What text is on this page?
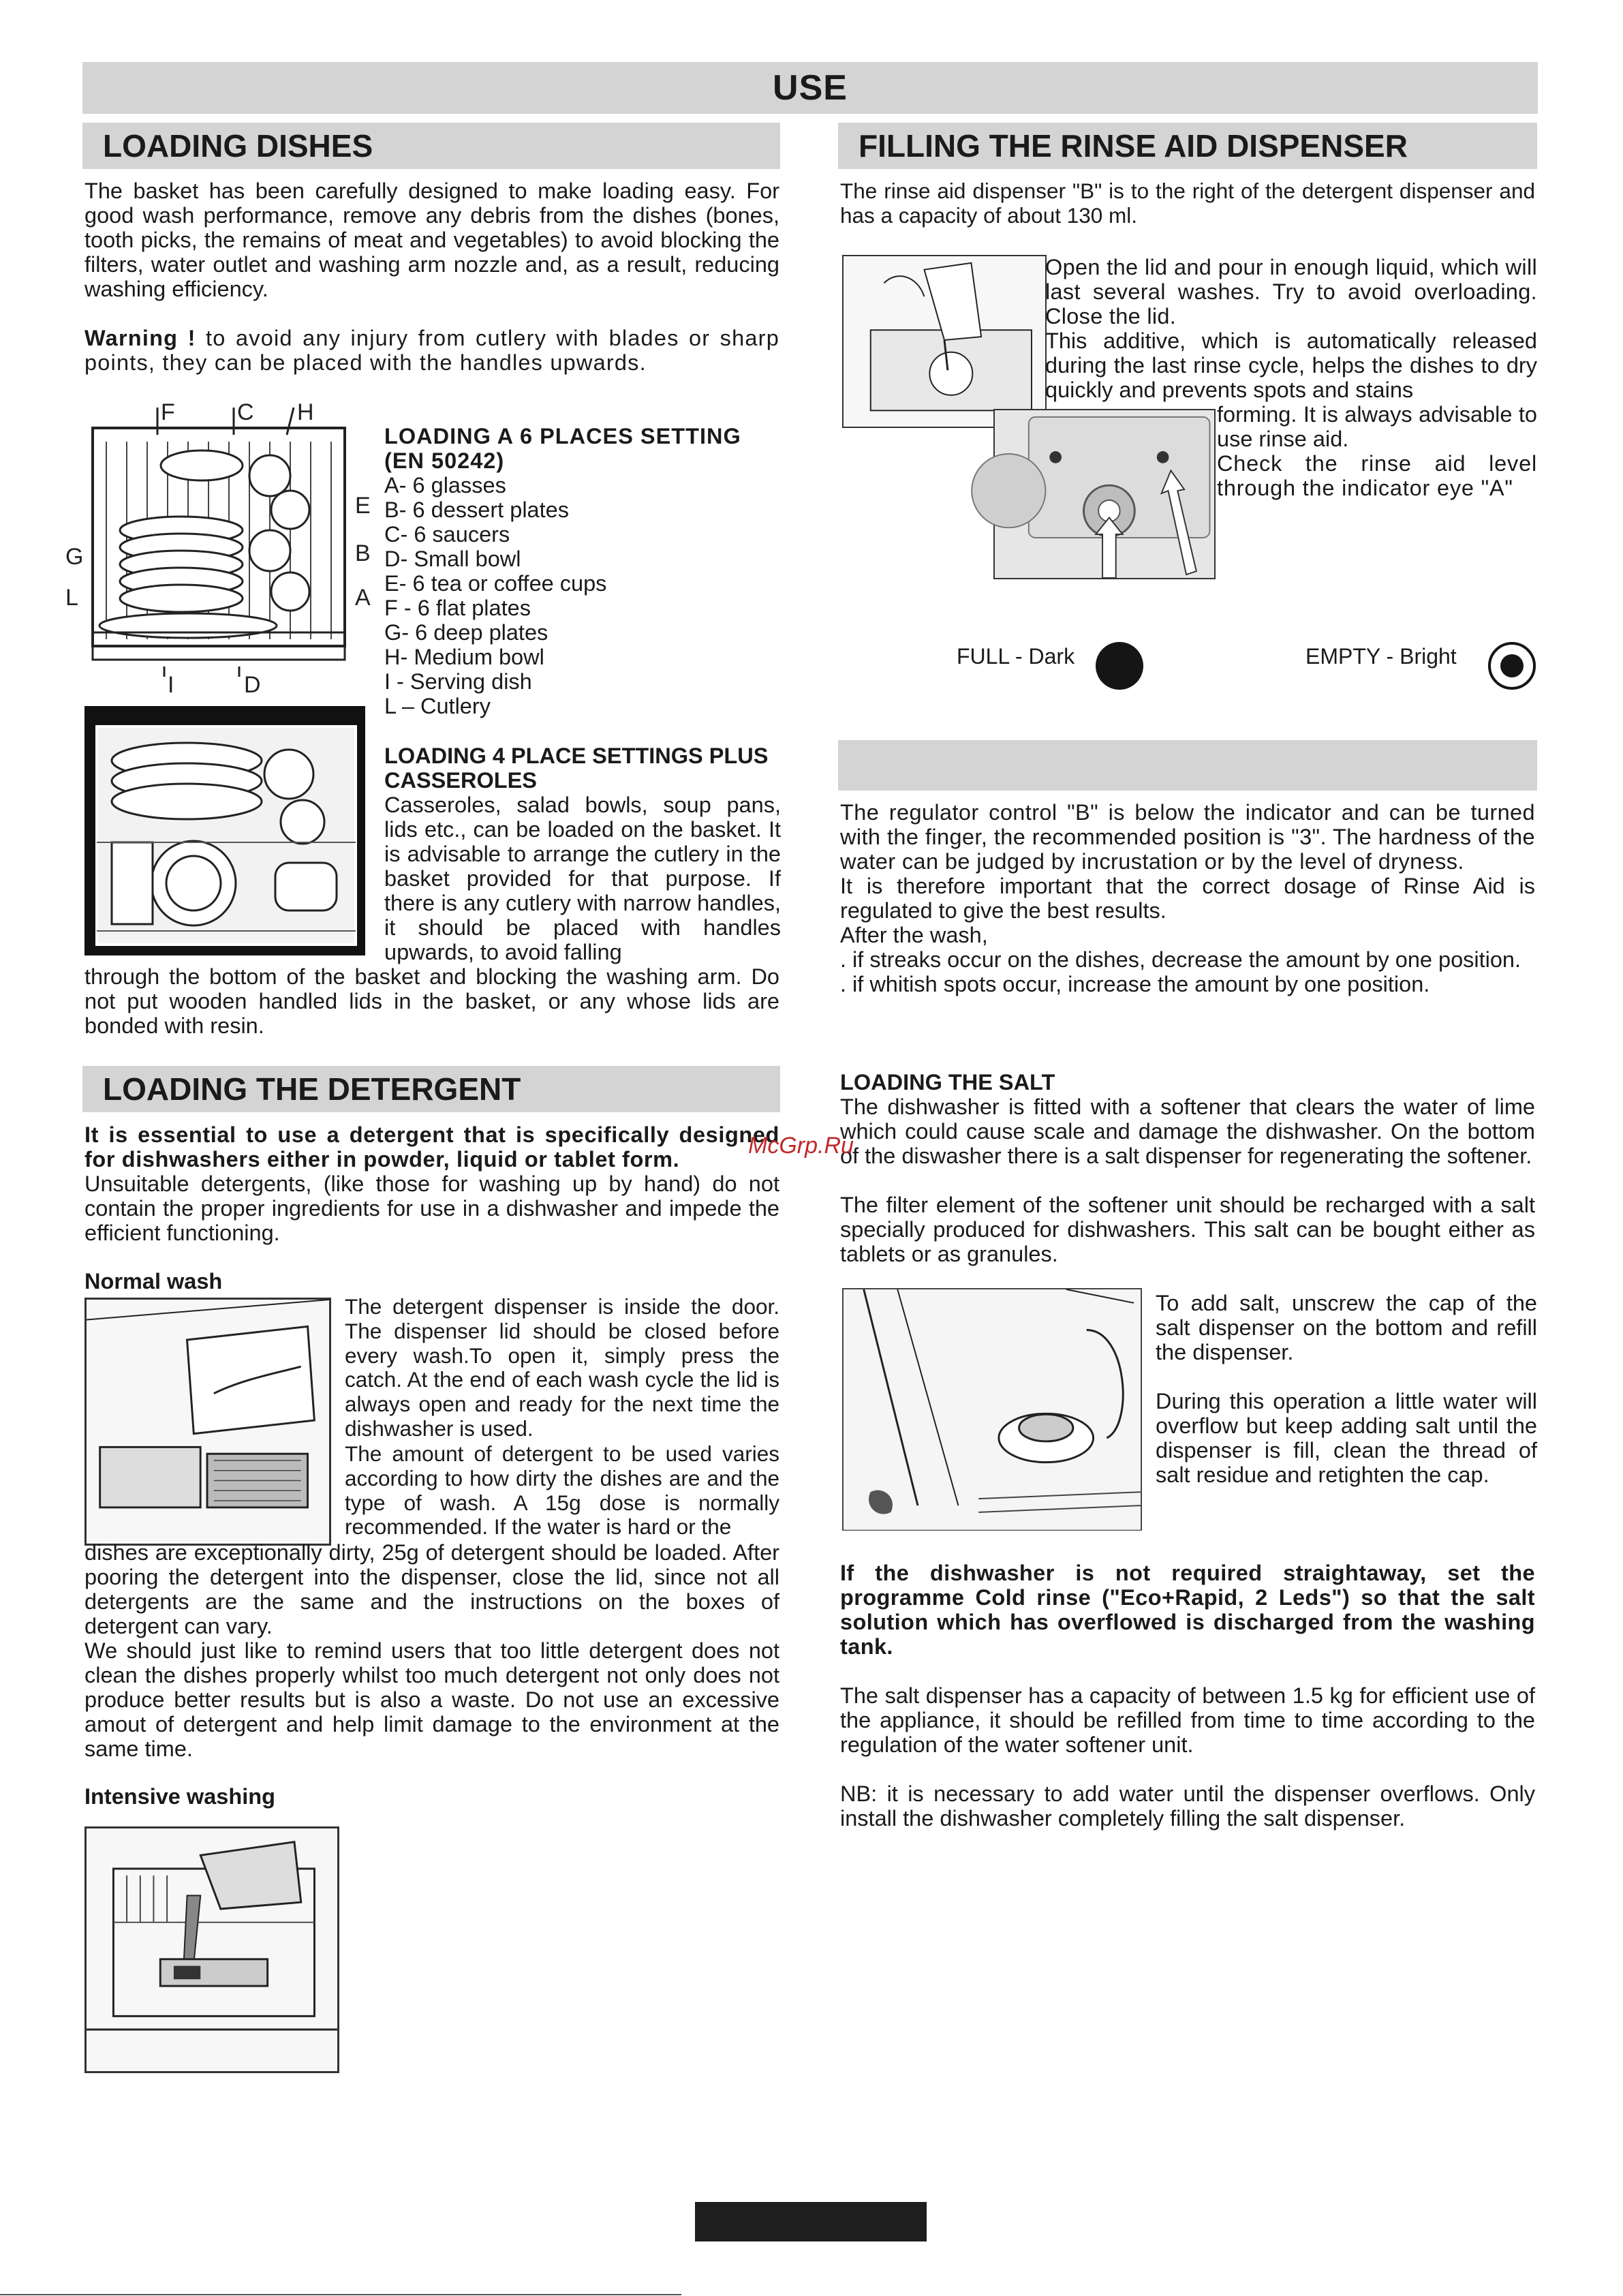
USE
LOADING DISHES
The basket has been carefully designed to make loading easy. For good wash performance, remove any debris from the dishes (bones, tooth picks, the remains of meat and vegetables) to avoid blocking the filters, water outlet and washing arm nozzle and, as a result, reducing washing efficiency.
Warning ! to avoid any injury from cutlery with blades or sharp points, they can be placed with the handles upwards.
F	C H
E
G	B
L	A
I	D
LOADING A 6 PLACES SETTING (EN 50242)
A- 6 glasses
B- 6 dessert plates
C- 6 saucers
D- Small bowl
E- 6 tea or coffee cups
F - 6 flat plates
G- 6 deep plates
H- Medium bowl
I - Serving dish
L – Cutlery
LOADING 4 PLACE SETTINGS PLUS CASSEROLES
Casseroles, salad bowls, soup pans, lids etc., can be loaded on the basket. It is advisable to arrange the cutlery in the basket provided for that purpose. If there is any cutlery with narrow handles, it should be placed with handles upwards, to avoid falling
through the bottom of the basket and blocking the washing arm. Do not put wooden handled lids in the basket, or any whose lids are bonded with resin.
LOADING THE DETERGENT
It is essential to use a detergent that is specifically designed for dishwashers either in powder, liquid or tablet form.
Unsuitable detergents, (like those for washing up by hand) do not contain the proper ingredients for use in a dishwasher and impede the efficient functioning.
Normal wash
The detergent dispenser is inside the door. The dispenser lid should be closed before every wash.To open it, simply press the catch. At the end of each wash cycle the lid is always open and ready for the next time the dishwasher is used.
The amount of detergent to be used varies according to how dirty the dishes are and the type of wash. A 15g dose is normally recommended. If the water is hard or the
dishes are exceptionally dirty, 25g of detergent should be loaded. After pooring the detergent into the dispenser, close the lid, since not all detergents are the same and the instructions on the boxes of detergent can vary.
We should just like to remind users that too little detergent does not clean the dishes properly whilst too much detergent not only does not produce better results but is also a waste. Do not use an excessive amout of detergent and help limit damage to the environment at the same time.
Intensive washing
FILLING THE RINSE AID DISPENSER
The rinse aid dispenser "B" is to the right of the detergent dispenser and has a capacity of about 130 ml.
Open the lid and pour in enough liquid, which will last several washes. Try to avoid overloading. Close the lid.
This additive, which is automatically released during the last rinse cycle, helps the dishes to dry quickly and prevents spots and stains
forming. It is always advisable to use rinse aid.
Check the rinse aid level through the indicator eye "A"
FULL - Dark	EMPTY - Bright

The regulator control "B" is below the indicator and can be turned with the finger, the recommended position is "3". The hardness of the water can be judged by incrustation or by the level of dryness.

It is therefore important that the correct dosage of Rinse Aid is regulated to give the best results.

After the wash,

. if streaks occur on the dishes, decrease the amount by one position.

. if whitish spots occur, increase the amount by one position.

LOADING THE SALT
The dishwasher is fitted with a softener that clears the water of lime which could cause scale and damage the dishwasher. On the bottom of the diswasher there is a salt dispenser for regenerating the softener.
McGrp.Ru
The filter element of the softener unit should be recharged with a salt specially produced for dishwashers. This salt can be bought either as tablets or as granules.
To add salt, unscrew the cap of the salt dispenser on the bottom and refill the dispenser.
During this operation a little water will overflow but keep adding salt until the dispenser is fill, clean the thread of salt residue and retighten the cap.
If the dishwasher is not required straightaway, set the programme Cold rinse ("Eco+Rapid, 2 Leds") so that the salt solution which has overflowed is discharged from the washing tank.
The salt dispenser has a capacity of between 1.5 kg for efficient use of the appliance, it should be refilled from time to time according to the regulation of the water softener unit.
NB: it is necessary to add water until the dispenser overflows. Only install the dishwasher completely filling the salt dispenser.
